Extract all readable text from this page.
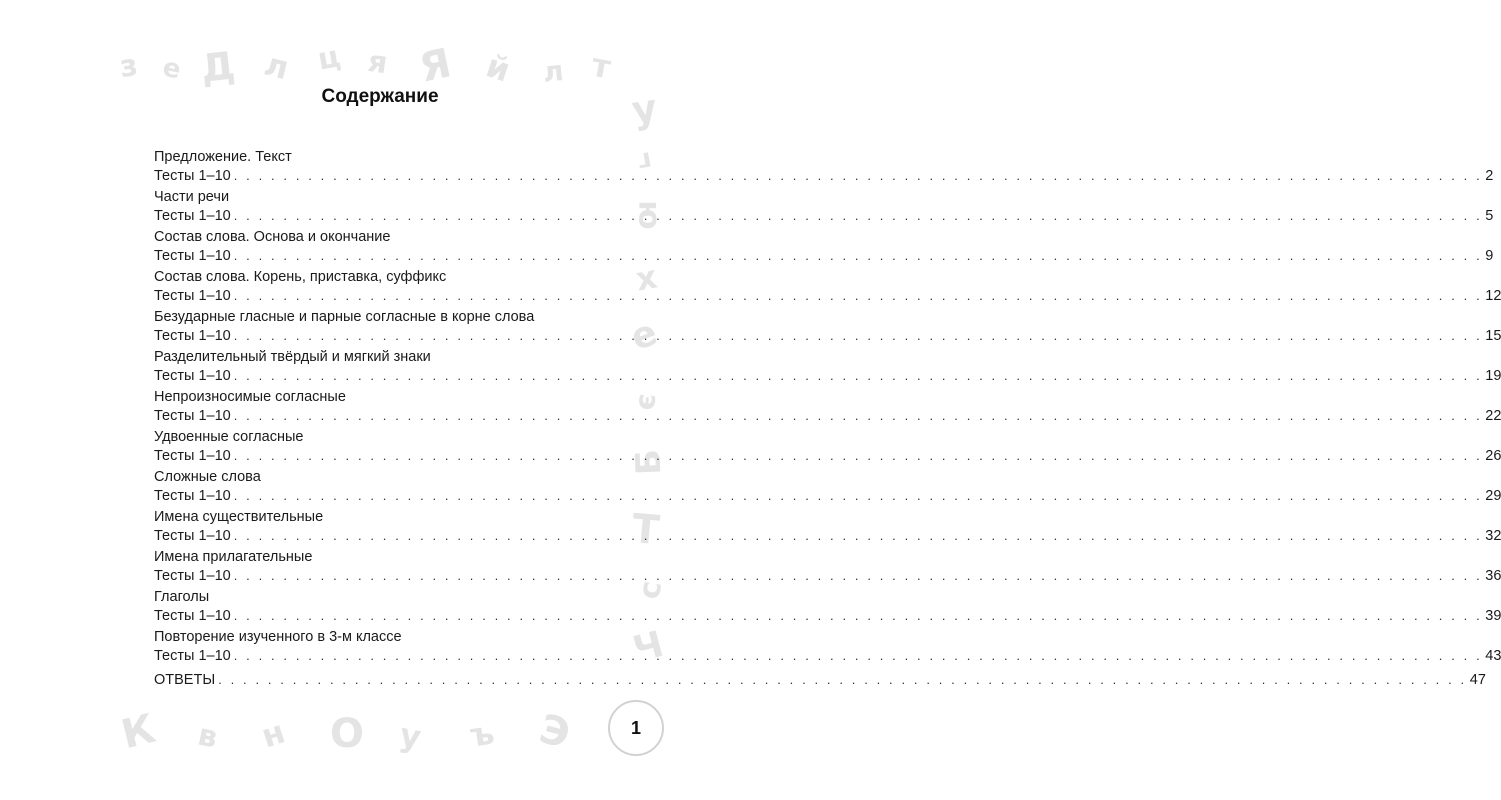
з е Д л ц я Я й л т
у
г
ю
х
е
э
Б
Т
с
Ч
К в н О у ъ Э
Содержание
Предложение. Текст
Тесты 1–10 . . .	2
Части речи
Тесты 1–10 . . .	5
Состав слова. Основа и окончание
Тесты 1–10 . . .	9
Состав слова. Корень, приставка, суффикс
Тесты 1–10 . . .	12
Безударные гласные и парные согласные в корне слова
Тесты 1–10 . . .	15
Разделительный твёрдый и мягкий знаки
Тесты 1–10 . . .	19
Непроизносимые согласные
Тесты 1–10 . . .	22
Удвоенные согласные
Тесты 1–10 . . .	26
Сложные слова
Тесты 1–10 . . .	29
Имена существительные
Тесты 1–10 . . .	32
Имена прилагательные
Тесты 1–10 . . .	36
Глаголы
Тесты 1–10 . . .	39
Повторение изученного в 3-м классе
Тесты 1–10 . . .	43
ОТВЕТЫ . . .	47
1
